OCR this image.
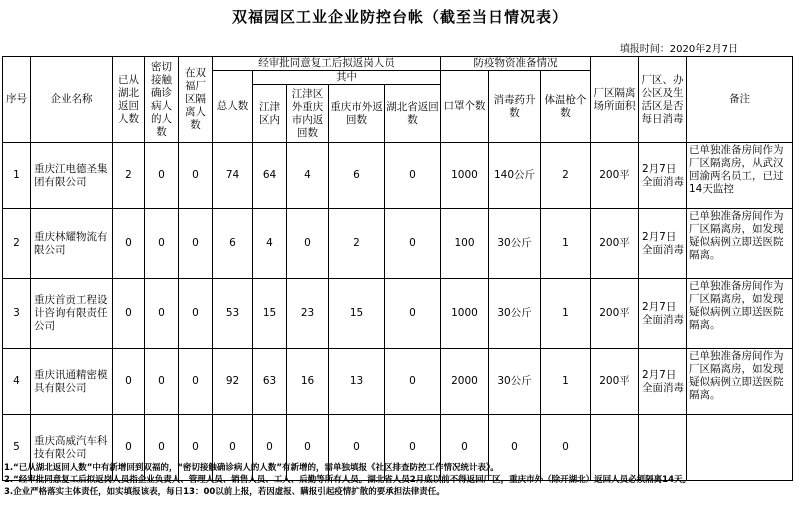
双福园区工业企业防控台帐（截至当日情况表）
填报时间：2020年2月7日
序号	企业名称	已从湖北返回人数	密切接触确诊病人的人数	在双福厂区隔离人数	经审批同意复工后拟返岗人员					防疫物资准备情况			厂区隔离场所面积	厂区、办公区及生活区是否每日消毒	备注
					总人数	其中				口罩个数	消毒药升数	体温枪个数			
						江津区内	江津区外重庆市内返回数	重庆市外返回数	湖北省返回数						
1	重庆江电德圣集团有限公司	2	0	0	74	64	4	6	0	1000	140公斤	2	200平	2月7日全面消毒	已单独准备房间作为厂区隔离房，从武汉回渝两名员工，已过14天监控

2	重庆林耀物流有限公司	0	0	0	6	4	0	2	0	100	30公斤	1	200平	2月7日全面消毒	已单独准备房间作为厂区隔离房，如发现疑似病例立即送医院隔离。

3	重庆首贡工程设计咨询有限责任公司	0	0	0	53	15	23	15	0	1000	30公斤	1	200平	2月7日全面消毒	已单独准备房间作为厂区隔离房，如发现疑似病例立即送医院隔离。

4	重庆讯通精密模具有限公司	0	0	0	92	63	16	13	0	2000	30公斤	1	200平	2月7日全面消毒	已单独准备房间作为厂区隔离房，如发现疑似病例立即送医院隔离。

5	重庆高威汽车科技有限公司	0	0	0	0	0	0	0	0	0	0	0			
1.“已从湖北返回人数”中有新增回到双福的，“密切接触确诊病人的人数”有新增的，需单独填报《社区排查防控工作情况统计表》。
2.“经审批同意复工后拟返岗人员指企业负责人、管理人员、销售人员、工人、后勤等所有人员。湖北省人员2月底以前不得返回厂区，重庆市外（除开湖北）返回人员必须隔离14天。
3.企业严格落实主体责任，如实填报该表，每日13：00以前上报，若因虚报、瞒报引起疫情扩散的要承担法律责任。
